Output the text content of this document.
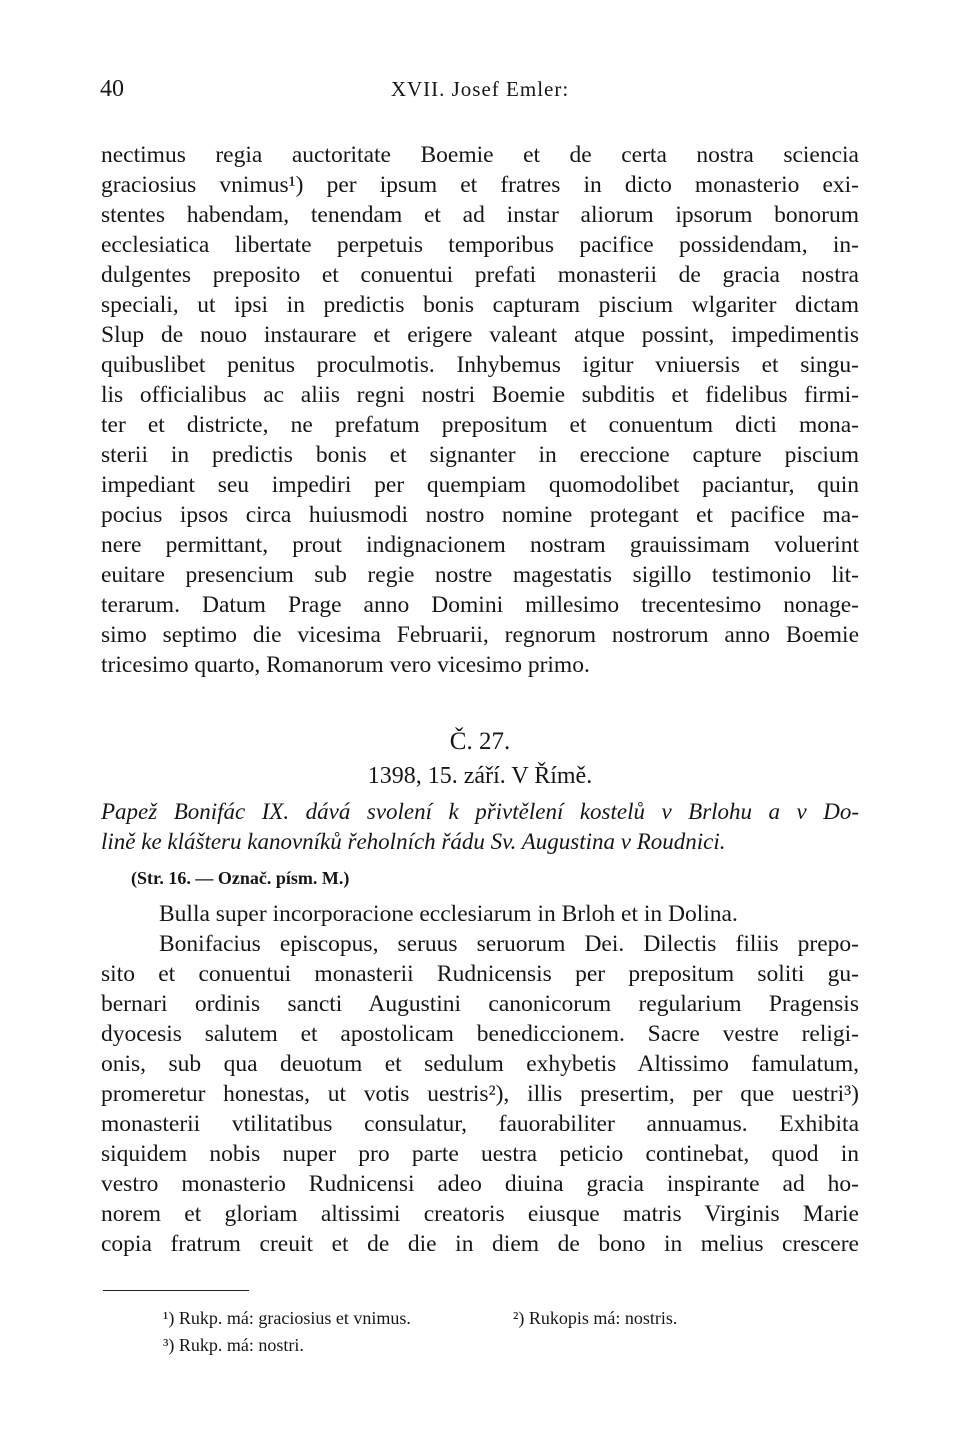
40	XVII. Josef Emler:
nectimus regia auctoritate Boemie et de certa nostra sciencia
graciosius vnimus¹) per ipsum et fratres in dicto monasterio exi-
stentes habendam, tenendam et ad instar aliorum ipsorum bonorum
ecclesiatica libertate perpetuis temporibus pacifice possidendam, in-
dulgentes preposito et conuentui prefati monasterii de gracia nostra
speciali, ut ipsi in predictis bonis capturam piscium wlgariter dictam
Slup de nouo instaurare et erigere valeant atque possint, impedimentis
quibuslibet penitus proculmotis. Inhybemus igitur vniuersis et singu-
lis officialibus ac aliis regni nostri Boemie subditis et fidelibus firmi-
ter et districte, ne prefatum prepositum et conuentum dicti mona-
sterii in predictis bonis et signanter in ereccione capture piscium
impediant seu impediri per quempiam quomodolibet paciantur, quin
pocius ipsos circa huiusmodi nostro nomine protegant et pacifice ma-
nere permittant, prout indignacionem nostram grauissimam voluerint
euitare presencium sub regie nostre magestatis sigillo testimonio lit-
terarum. Datum Prage anno Domini millesimo trecentesimo nonage-
simo septimo die vicesima Februarii, regnorum nostrorum anno Boemie
tricesimo quarto, Romanorum vero vicesimo primo.
Č. 27.
1398, 15. září. V Římě.
Papež Bonifác IX. dává svolení k přivtělení kostelů v Brlohu a v Do-
lině ke klášteru kanovníků řeholních řádu Sv. Augustina v Roudnici.
(Str. 16. — Označ. písm. M.)
Bulla super incorporacione ecclesiarum in Brloh et in Dolina.
Bonifacius episcopus, seruus seruorum Dei. Dilectis filiis prepo-
sito et conuentui monasterii Rudnicensis per prepositum soliti gu-
bernari ordinis sancti Augustini canonicorum regularium Pragensis
dyocesis salutem et apostolicam benediccionem. Sacre vestre religi-
onis, sub qua deuotum et sedulum exhybetis Altissimo famulatum,
promeretur honestas, ut votis uestris²), illis presertim, per que uestri³)
monasterii vtilitatibus consulatur, fauorabiliter annuamus. Exhibita
siquidem nobis nuper pro parte uestra peticio continebat, quod in
vestro monasterio Rudnicensi adeo diuina gracia inspirante ad ho-
norem et gloriam altissimi creatoris eiusque matris Virginis Marie
copia fratrum creuit et de die in diem de bono in melius crescere
¹) Rukp. má: graciosius et vnimus.	²) Rukopis má: nostris.
³) Rukp. má: nostri.
